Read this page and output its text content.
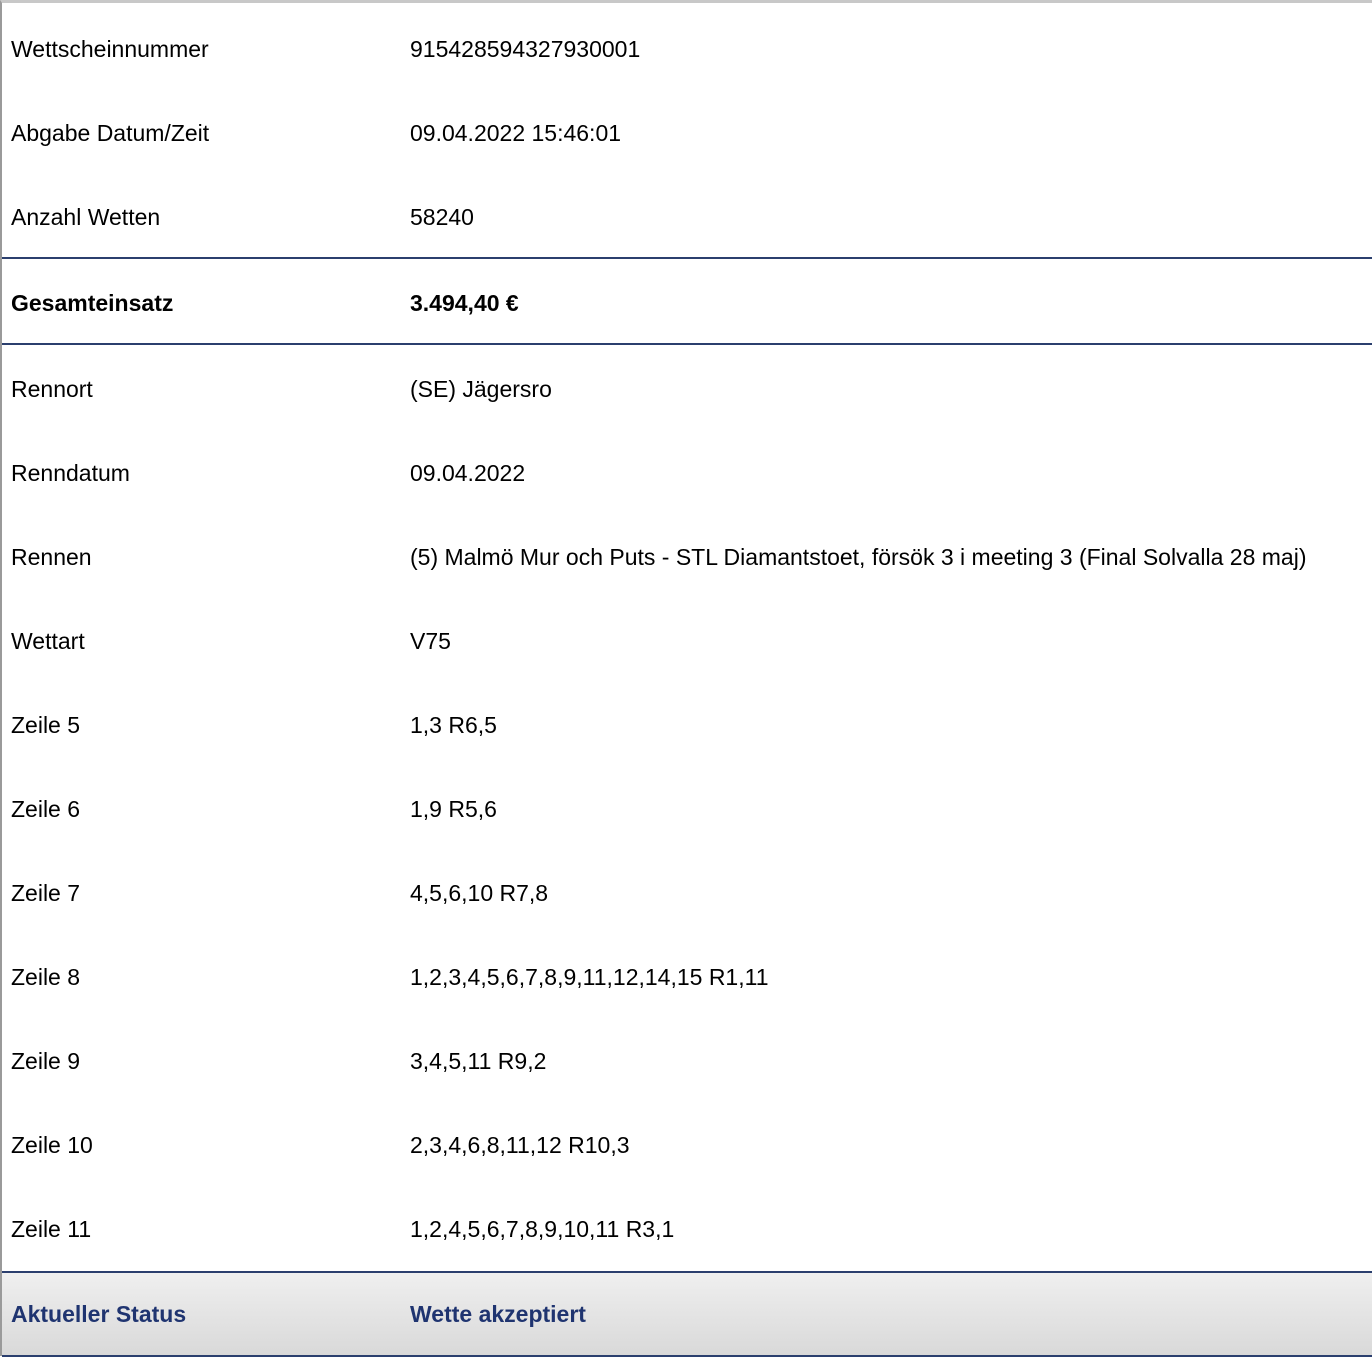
Wettscheinnummer	915428594327930001
Abgabe Datum/Zeit	09.04.2022 15:46:01
Anzahl Wetten	58240
Gesamteinsatz	3.494,40 €
Rennort	(SE) Jägersro
Renndatum	09.04.2022
Rennen	(5) Malmö Mur och Puts - STL Diamantstoet, försök 3 i meeting 3 (Final Solvalla 28 maj)
Wettart	V75
Zeile 5	1,3 R6,5
Zeile 6	1,9 R5,6
Zeile 7	4,5,6,10 R7,8
Zeile 8	1,2,3,4,5,6,7,8,9,11,12,14,15 R1,11
Zeile 9	3,4,5,11 R9,2
Zeile 10	2,3,4,6,8,11,12 R10,3
Zeile 11	1,2,4,5,6,7,8,9,10,11 R3,1
Aktueller Status	Wette akzeptiert
